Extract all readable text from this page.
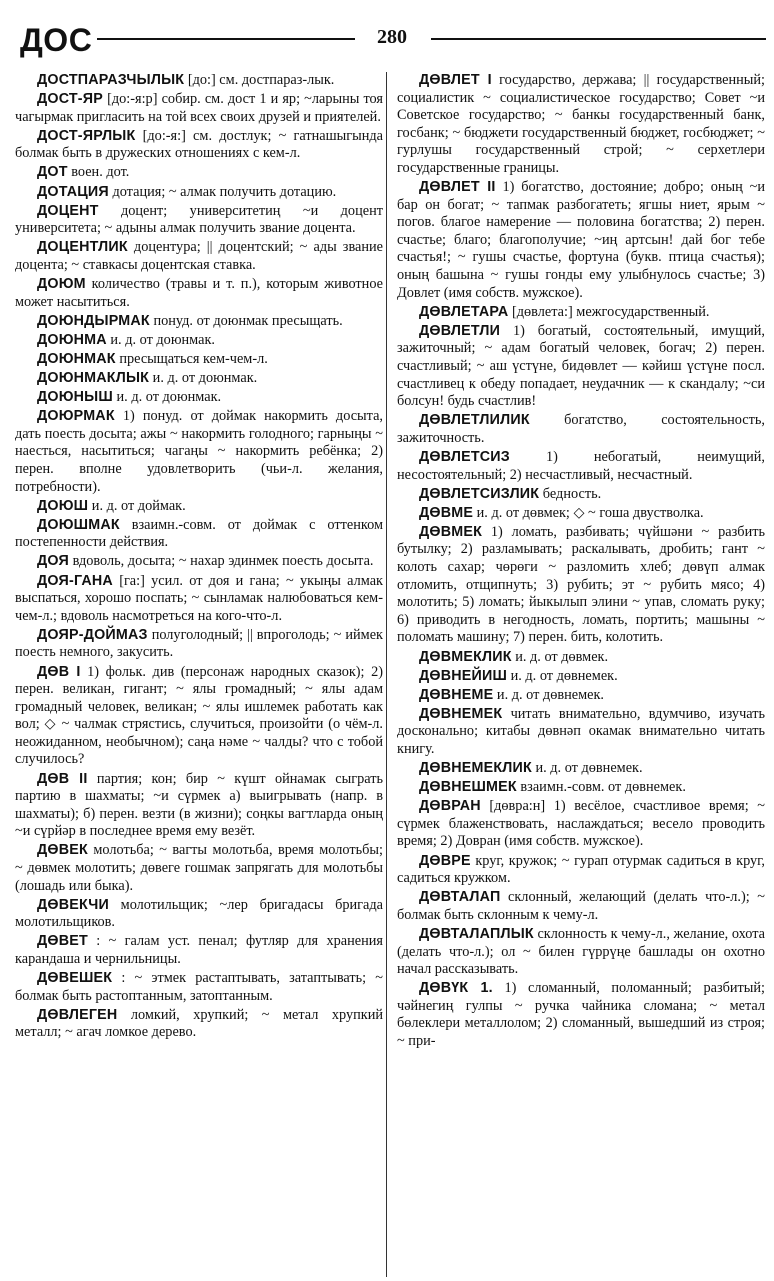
ДОС	280

ДОСТПАРАЗЧЫЛЫК [до:] см. достпараз-лык.

ДОСТ-ЯР [до:-я:р] собир. см. дост 1 и яр; ~ларыны тоя чагырмак пригласить на той всех своих друзей и приятелей.

ДОСТ-ЯРЛЫК [до:-я:] см. достлук; ~ гатнашыгында болмак быть в дружеских отношениях с кем-л.

ДОТ воен. дот.

ДОТАЦИЯ дотация; ~ алмак получить дотацию.

ДОЦЕНТ доцент; университетиң ~и доцент университета; ~ адыны алмак получить звание доцента.

ДОЦЕНТЛИК доцентура; || доцентский; ~ ады звание доцента; ~ ставкасы доцентская ставка.

ДОЮМ количество (травы и т. п.), которым животное может насытиться.

ДОЮНДЫРМАК понуд. от доюнмак пресыщать.

ДОЮНМА и. д. от доюнмак.

ДОЮНМАК пресыщаться кем-чем-л.

ДОЮНМАКЛЫК и. д. от доюнмак.

ДОЮНЫШ и. д. от доюнмак.

ДОЮРМАК 1) понуд. от доймак накормить досыта, дать поесть досыта; ажы ~ накормить голодного; гарныңы ~ наесться, насытиться; чагаңы ~ накормить ребёнка; 2) перен. вполне удовлетворить (чьи-л. желания, потребности).

ДОЮШ и. д. от доймак.

ДОЮШМАК взаимн.-совм. от доймак с оттенком постепенности действия.

ДОЯ вдоволь, досыта; ~ нахар эдинмек поесть досыта.

ДОЯ-ГАНА [га:] усил. от доя и гана; ~ укыңы алмак выспаться, хорошо поспать; ~ сынламак налюбоваться кем-чем-л.; вдоволь насмотреться на кого-что-л.

ДОЯР-ДОЙМАЗ полуголодный; || впроголодь; ~ иймек поесть немного, закусить.

ДӨВ I 1) фольк. див (персонаж народных сказок); 2) перен. великан, гигант; ~ ялы громадный; ~ ялы адам громадный человек, великан; ~ ялы ишлемек работать как вол; ◇ ~ чалмак стрястись, случиться, произойти (о чём-л. неожиданном, необычном); саңа нәме ~ чалды? что с тобой случилось?

ДӨВ II партия; кон; бир ~ күшт ойнамак сыграть партию в шахматы; ~и сүрмек а) выигрывать (напр. в шахматы); б) перен. везти (в жизни); соңкы вагтларда оның ~и сүрйәр в последнее время ему везёт.

ДӨВЕК молотьба; ~ вагты молотьба, время молотьбы; ~ дөвмек молотить; дөвеге гошмак запрягать для молотьбы (лошадь или быка).

ДӨВЕКЧИ молотильщик; ~лер бригадасы бригада молотильщиков.

ДӨВЕТ : ~ галам уст. пенал; футляр для хранения карандаша и чернильницы.

ДӨВЕШЕК : ~ этмек растаптывать, затаптывать; ~ болмак быть растоптанным, затоптанным.

ДӨВЛЕГЕН ломкий, хрупкий; ~ метал хрупкий металл; ~ агач ломкое дерево.

ДӨВЛЕТ I государство, держава; || государственный; социалистик ~ социалистическое государство; Совет ~и Советское государство; ~ банкы государственный банк, госбанк; ~ бюджети государственный бюджет, госбюджет; ~ гурлушы государственный строй; ~ серхетлери государственные границы.

ДӨВЛЕТ II 1) богатство, достояние; добро; оның ~и бар он богат; ~ тапмак разбогатеть; ягшы ниет, ярым ~ погов. благое намерение — половина богатства; 2) перен. счастье; благо; благополучие; ~иң артсын! дай бог тебе счастья!; ~ гушы счастье, фортуна (букв. птица счастья); оның башына ~ гушы гонды ему улыбнулось счастье; 3) Довлет (имя собств. мужское).

ДӨВЛЕТАРА [дөвлета:] межгосударственный.

ДӨВЛЕТЛИ 1) богатый, состоятельный, имущий, зажиточный; ~ адам богатый человек, богач; 2) перен. счастливый; ~ аш үстүне, бидөвлет — кәйиш үстүне посл. счастливец к обеду попадает, неудачник — к скандалу; ~си болсун! будь счастлив!

ДӨВЛЕТЛИЛИК богатство, состоятельность, зажиточность.

ДӨВЛЕТСИЗ	1) небогатый, неимущий, несостоятельный; 2) несчастливый, несчастный.

ДӨВЛЕТСИЗЛИК бедность.

ДӨВМЕ и. д. от дөвмек; ◇ ~ гоша двустволка.

ДӨВМЕК 1) ломать, разбивать; чүйшәни ~ разбить бутылку; 2) разламывать; раскалывать, дробить; гант ~ колоть сахар; чөрөги ~ разломить хлеб; дөвүп алмак отломить, отщипнуть; 3) рубить; эт ~ рубить мясо; 4) молотить; 5) ломать; йыкылып элини ~ упав, сломать руку; 6) приводить в негодность, ломать, портить; машыны ~ поломать машину; 7) перен. бить, колотить.

ДӨВМЕКЛИК и. д. от дөвмек.

ДӨВНЕЙИШ и. д. от дөвнемек.

ДӨВНЕМЕ и. д. от дөвнемек.

ДӨВНЕМЕК читать внимательно, вдумчиво, изучать досконально; китабы дөвнәп окамак внимательно читать книгу.

ДӨВНЕМЕКЛИК и. д. от дөвнемек.

ДӨВНЕШМЕК взаимн.-совм. от дөвнемек.

ДӨВРАН [дөвра:н] 1) весёлое, счастливое время; ~ сүрмек блаженствовать, наслаждаться; весело проводить время; 2) Довран (имя собств. мужское).

ДӨВРЕ круг, кружок; ~ гурап отурмак садиться в круг, садиться кружком.

ДӨВТАЛАП склонный, желающий (делать что-л.); ~ болмак быть склонным к чему-л.

ДӨВТАЛАПЛЫК склонность к чему-л., желание, охота (делать что-л.); ол ~ билен гүррүңе башлады он охотно начал рассказывать.

ДӨВҮК 1. 1) сломанный, поломанный; разбитый; чәйнегиң гулпы ~ ручка чайника сломана; ~ метал бөлеклери металлолом; 2) сломанный, вышедший из строя; ~ при-
